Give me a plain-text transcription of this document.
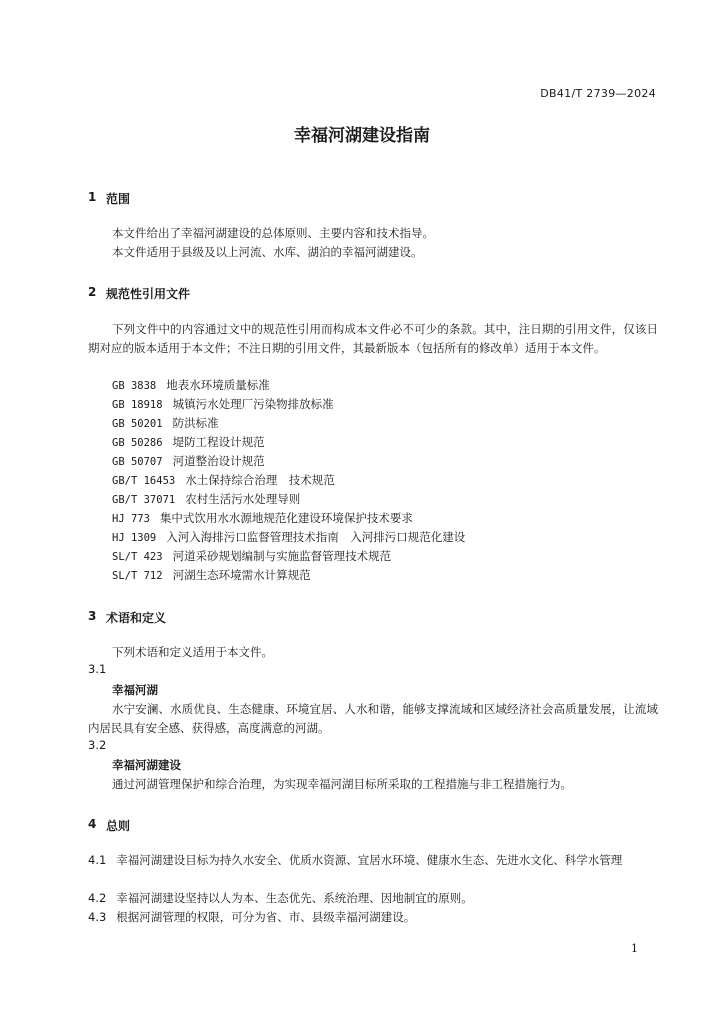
DB41/T 2739—2024
幸福河湖建设指南
1 范围
本文件给出了幸福河湖建设的总体原则、主要内容和技术指导。
本文件适用于县级及以上河流、水库、湖泊的幸福河湖建设。
2 规范性引用文件
下列文件中的内容通过文中的规范性引用而构成本文件必不可少的条款。其中，注日期的引用文件，仅该日期对应的版本适用于本文件；不注日期的引用文件，其最新版本（包括所有的修改单）适用于本文件。
GB 3838 地表水环境质量标准
GB 18918 城镇污水处理厂污染物排放标准
GB 50201 防洪标准
GB 50286 堤防工程设计规范
GB 50707 河道整治设计规范
GB/T 16453 水土保持综合治理　技术规范
GB/T 37071 农村生活污水处理导则
HJ 773 集中式饮用水水源地规范化建设环境保护技术要求
HJ 1309 入河入海排污口监督管理技术指南　入河排污口规范化建设
SL/T 423 河道采砂规划编制与实施监督管理技术规范
SL/T 712 河湖生态环境需水计算规范
3 术语和定义
下列术语和定义适用于本文件。
3.1
幸福河湖
水宁安澜、水质优良、生态健康、环境宜居、人水和谐，能够支撑流域和区域经济社会高质量发展，让流域内居民具有安全感、获得感，高度满意的河湖。
3.2
幸福河湖建设
通过河湖管理保护和综合治理，为实现幸福河湖目标所采取的工程措施与非工程措施行为。
4 总则
4.1 幸福河湖建设目标为持久水安全、优质水资源、宜居水环境、健康水生态、先进水文化、科学水管理
4.2 幸福河湖建设坚持以人为本、生态优先、系统治理、因地制宜的原则。
4.3 根据河湖管理的权限，可分为省、市、县级幸福河湖建设。
1
